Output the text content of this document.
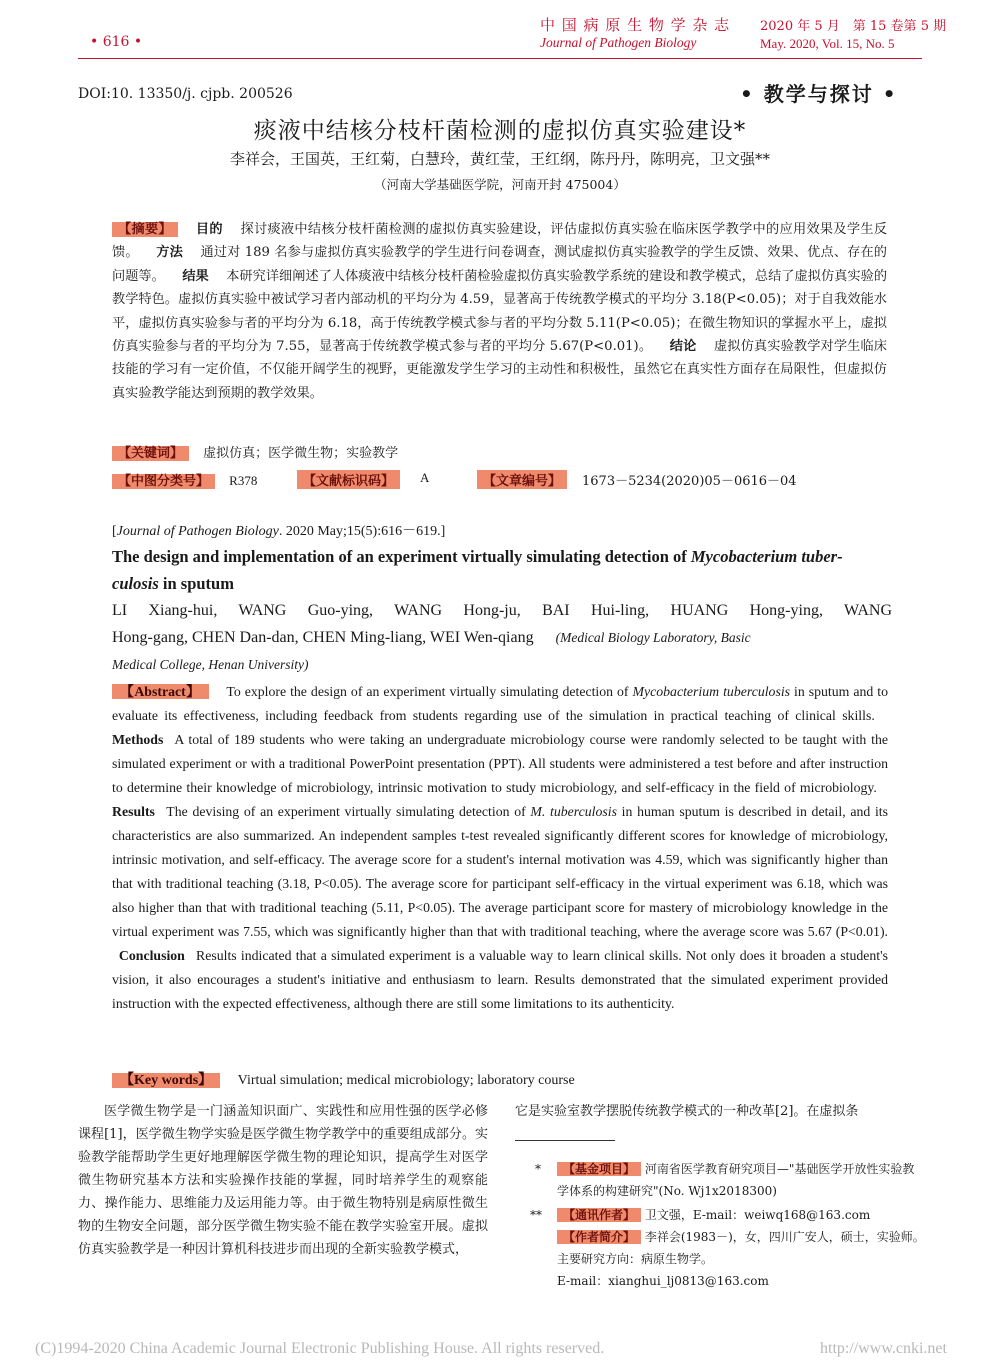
• 616 •
中 国 病 原 生 物 学 杂 志
Journal of Pathogen Biology
2020 年 5 月　第 15 卷第 5 期
May. 2020, Vol. 15, No. 5
DOI:10. 13350/j. cjpb. 200526	• 教学与探讨 •
痰液中结核分枝杆菌检测的虚拟仿真实验建设*
李祥会，王国英，王红菊，白慧玲，黄红莹，王红纲，陈丹丹，陈明亮，卫文强**
（河南大学基础医学院，河南开封 475004）
【摘要】   目的  探讨痰液中结核分枝杆菌检测的虚拟仿真实验建设，评估虚拟仿真实验在临床医学教学中的应用效果及学生反馈。   方法  通过对 189 名参与虚拟仿真实验教学的学生进行问卷调查，测试虚拟仿真实验教学的学生反馈、效果、优点、存在的问题等。   结果  本研究详细阐述了人体痰液中结核分枝杆菌检验虚拟仿真实验教学系统的建设和教学模式，总结了虚拟仿真实验的教学特色。虚拟仿真实验中被试学习者内部动机的平均分为 4.59，显著高于传统教学模式的平均分 3.18(P<0.05)；对于自我效能水平，虚拟仿真实验参与者的平均分为 6.18，高于传统教学模式参与者的平均分数 5.11(P<0.05)；在微生物知识的掌握水平上，虚拟仿真实验参与者的平均分为 7.55，显著高于传统教学模式参与者的平均分 5.67(P<0.01)。   结论  虚拟仿真实验教学对学生临床技能的学习有一定价值，不仅能开阔学生的视野，更能激发学生学习的主动性和积极性，虽然它在真实性方面存在局限性，但虚拟仿真实验教学能达到预期的教学效果。
【关键词】 虚拟仿真；医学微生物；实验教学
【中图分类号】 R378	【文献标识码】	A	【文章编号】	1673－5234(2020)05－0616－04
[Journal of Pathogen Biology. 2020 May;15(5):616－619.]
The design and implementation of an experiment virtually simulating detection of Mycobacterium tuber-
culosis in sputum
LI Xiang-hui, WANG Guo-ying, WANG Hong-ju, BAI Hui-ling, HUANG Hong-ying, WANG
Hong-gang, CHEN Dan-dan, CHEN Ming-liang, WEI Wen-qiang (Medical Biology Laboratory, Basic
Medical College, Henan University)
【Abstract】  To explore the design of an experiment virtually simulating detection of Mycobacterium tuberculosis in sputum and to evaluate its effectiveness, including feedback from students regarding use of the simulation in practical teaching of clinical skills.  Methods  A total of 189 students who were taking an undergraduate microbiology course were randomly selected to be taught with the simulated experiment or with a traditional PowerPoint presentation (PPT). All students were administered a test before and after instruction to determine their knowledge of microbiology, intrinsic motivation to study microbiology, and self-efficacy in the field of microbiology.  Results  The devising of an experiment virtually simulating detection of M. tuberculosis in human sputum is described in detail, and its characteristics are also summarized. An independent samples t-test revealed significantly different scores for knowledge of microbiology, intrinsic motivation, and self-efficacy. The average score for a student's internal motivation was 4.59, which was significantly higher than that with traditional teaching (3.18, P<0.05). The average score for participant self-efficacy in the virtual experiment was 6.18, which was also higher than that with traditional teaching (5.11, P<0.05). The average participant score for mastery of microbiology knowledge in the virtual experiment was 7.55, which was significantly higher than that with traditional teaching, where the average score was 5.67 (P<0.01).  Conclusion  Results indicated that a simulated experiment is a valuable way to learn clinical skills. Not only does it broaden a student's vision, it also encourages a student's initiative and enthusiasm to learn. Results demonstrated that the simulated experiment provided instruction with the expected effectiveness, although there are still some limitations to its authenticity.
【Key words】 Virtual simulation; medical microbiology; laboratory course
医学微生物学是一门涵盖知识面广、实践性和应用性强的医学必修课程[1]，医学微生物学实验是医学微生物学教学中的重要组成部分。实验教学能帮助学生更好地理解医学微生物的理论知识，提高学生对医学微生物研究基本方法和实验操作技能的掌握，同时培养学生的观察能力、操作能力、思维能力及运用能力等。由于微生物特别是病原性微生物的生物安全问题，部分医学微生物实验不能在教学实验室开展。虚拟仿真实验教学是一种因计算机科技进步而出现的全新实验教学模式，
它是实验室教学摆脱传统教学模式的一种改革[2]。在虚拟条
*	【基金项目】 河南省医学教育研究项目—"基础医学开放性实验教学体系的构建研究"(No. Wj1x2018300)
**	【通讯作者】 卫文强，E-mail：weiwq168@163.com
【作者简介】 李祥会(1983－)，女，四川广安人，硕士，实验师。主要研究方向：病原生物学。
E-mail：xianghui_lj0813@163.com
(C)1994-2020 China Academic Journal Electronic Publishing House. All rights reserved.	http://www.cnki.net
